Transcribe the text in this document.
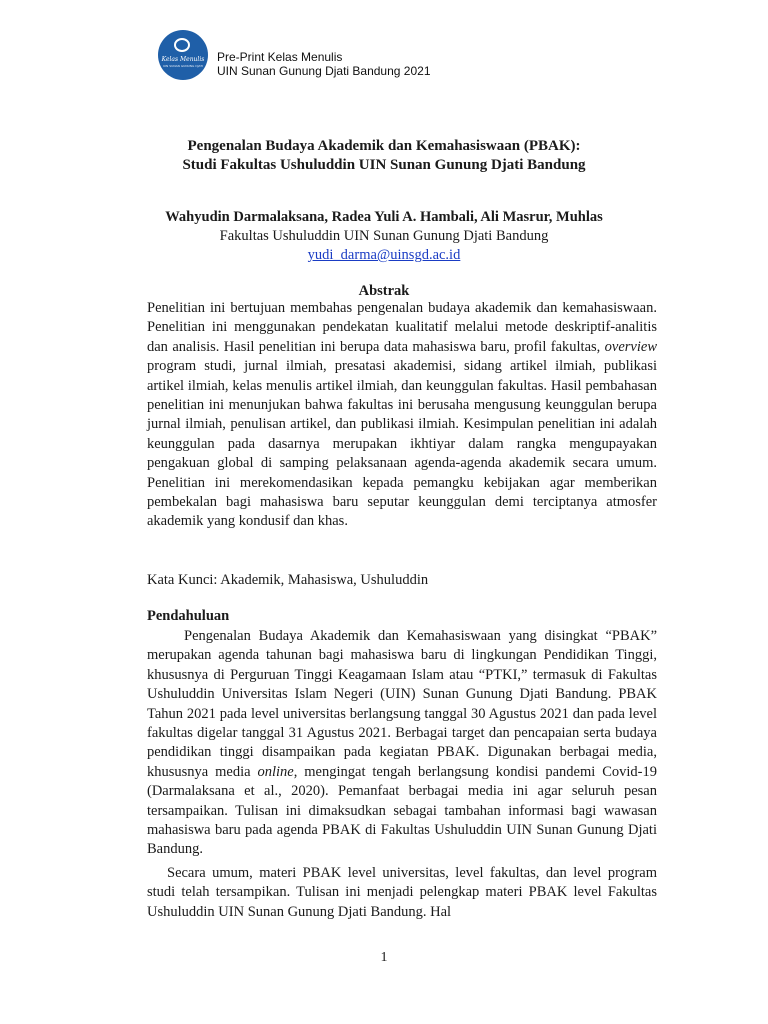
Kelas Menulis
UIN SUNAN GUNUNG DJATI
Pre-Print Kelas Menulis
UIN Sunan Gunung Djati Bandung 2021
Pengenalan Budaya Akademik dan Kemahasiswaan (PBAK):
Studi Fakultas Ushuluddin UIN Sunan Gunung Djati Bandung
Wahyudin Darmalaksana, Radea Yuli A. Hambali, Ali Masrur, Muhlas
Fakultas Ushuluddin UIN Sunan Gunung Djati Bandung
yudi_darma@uinsgd.ac.id
Abstrak
Penelitian ini bertujuan membahas pengenalan budaya akademik dan kemahasiswaan. Penelitian ini menggunakan pendekatan kualitatif melalui metode deskriptif-analitis dan analisis. Hasil penelitian ini berupa data mahasiswa baru, profil fakultas, overview program studi, jurnal ilmiah, presatasi akademisi, sidang artikel ilmiah, publikasi artikel ilmiah, kelas menulis artikel ilmiah, dan keunggulan fakultas. Hasil pembahasan penelitian ini menunjukan bahwa fakultas ini berusaha mengusung keunggulan berupa jurnal ilmiah, penulisan artikel, dan publikasi ilmiah. Kesimpulan penelitian ini adalah keunggulan pada dasarnya merupakan ikhtiyar dalam rangka mengupayakan pengakuan global di samping pelaksanaan agenda-agenda akademik secara umum. Penelitian ini merekomendasikan kepada pemangku kebijakan agar memberikan pembekalan bagi mahasiswa baru seputar keunggulan demi terciptanya atmosfer akademik yang kondusif dan khas.
Kata Kunci: Akademik, Mahasiswa, Ushuluddin
Pendahuluan
Pengenalan Budaya Akademik dan Kemahasiswaan yang disingkat “PBAK” merupakan agenda tahunan bagi mahasiswa baru di lingkungan Pendidikan Tinggi, khususnya di Perguruan Tinggi Keagamaan Islam atau “PTKI,” termasuk di Fakultas Ushuluddin Universitas Islam Negeri (UIN) Sunan Gunung Djati Bandung. PBAK Tahun 2021 pada level universitas berlangsung tanggal 30 Agustus 2021 dan pada level fakultas digelar tanggal 31 Agustus 2021. Berbagai target dan pencapaian serta budaya pendidikan tinggi disampaikan pada kegiatan PBAK. Digunakan berbagai media, khususnya media online, mengingat tengah berlangsung kondisi pandemi Covid-19 (Darmalaksana et al., 2020). Pemanfaat berbagai media ini agar seluruh pesan tersampaikan. Tulisan ini dimaksudkan sebagai tambahan informasi bagi wawasan mahasiswa baru pada agenda PBAK di Fakultas Ushuluddin UIN Sunan Gunung Djati Bandung.
Secara umum, materi PBAK level universitas, level fakultas, dan level program studi telah tersampikan. Tulisan ini menjadi pelengkap materi PBAK level Fakultas Ushuluddin UIN Sunan Gunung Djati Bandung. Hal
1
